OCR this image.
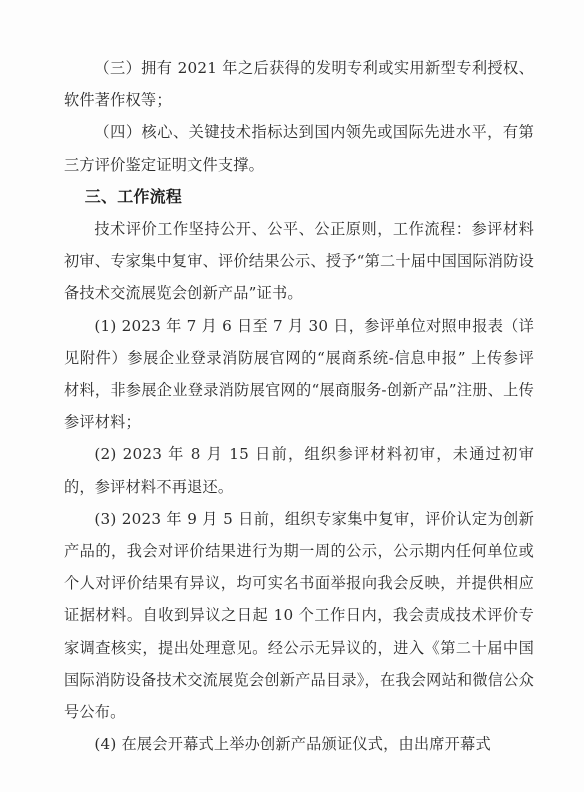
（三）拥有 2021 年之后获得的发明专利或实用新型专利授权、软件著作权等；

（四）核心、关键技术指标达到国内领先或国际先进水平，有第三方评价鉴定证明文件支撑。

三、工作流程

技术评价工作坚持公开、公平、公正原则，工作流程：参评材料初审、专家集中复审、评价结果公示、授予“第二十届中国国际消防设备技术交流展览会创新产品”证书。

(1) 2023 年 7 月 6 日至 7 月 30 日，参评单位对照申报表（详见附件）参展企业登录消防展官网的“展商系统-信息申报” 上传参评材料，非参展企业登录消防展官网的“展商服务-创新产品”注册、上传参评材料；

(2) 2023 年 8 月 15 日前，组织参评材料初审，未通过初审的，参评材料不再退还。

(3) 2023 年 9 月 5 日前，组织专家集中复审，评价认定为创新产品的，我会对评价结果进行为期一周的公示，公示期内任何单位或个人对评价结果有异议，均可实名书面举报向我会反映，并提供相应证据材料。自收到异议之日起 10 个工作日内，我会责成技术评价专家调查核实，提出处理意见。经公示无异议的，进入《第二十届中国国际消防设备技术交流展览会创新产品目录》，在我会网站和微信公众号公布。

(4) 在展会开幕式上举办创新产品颁证仪式，由出席开幕式
